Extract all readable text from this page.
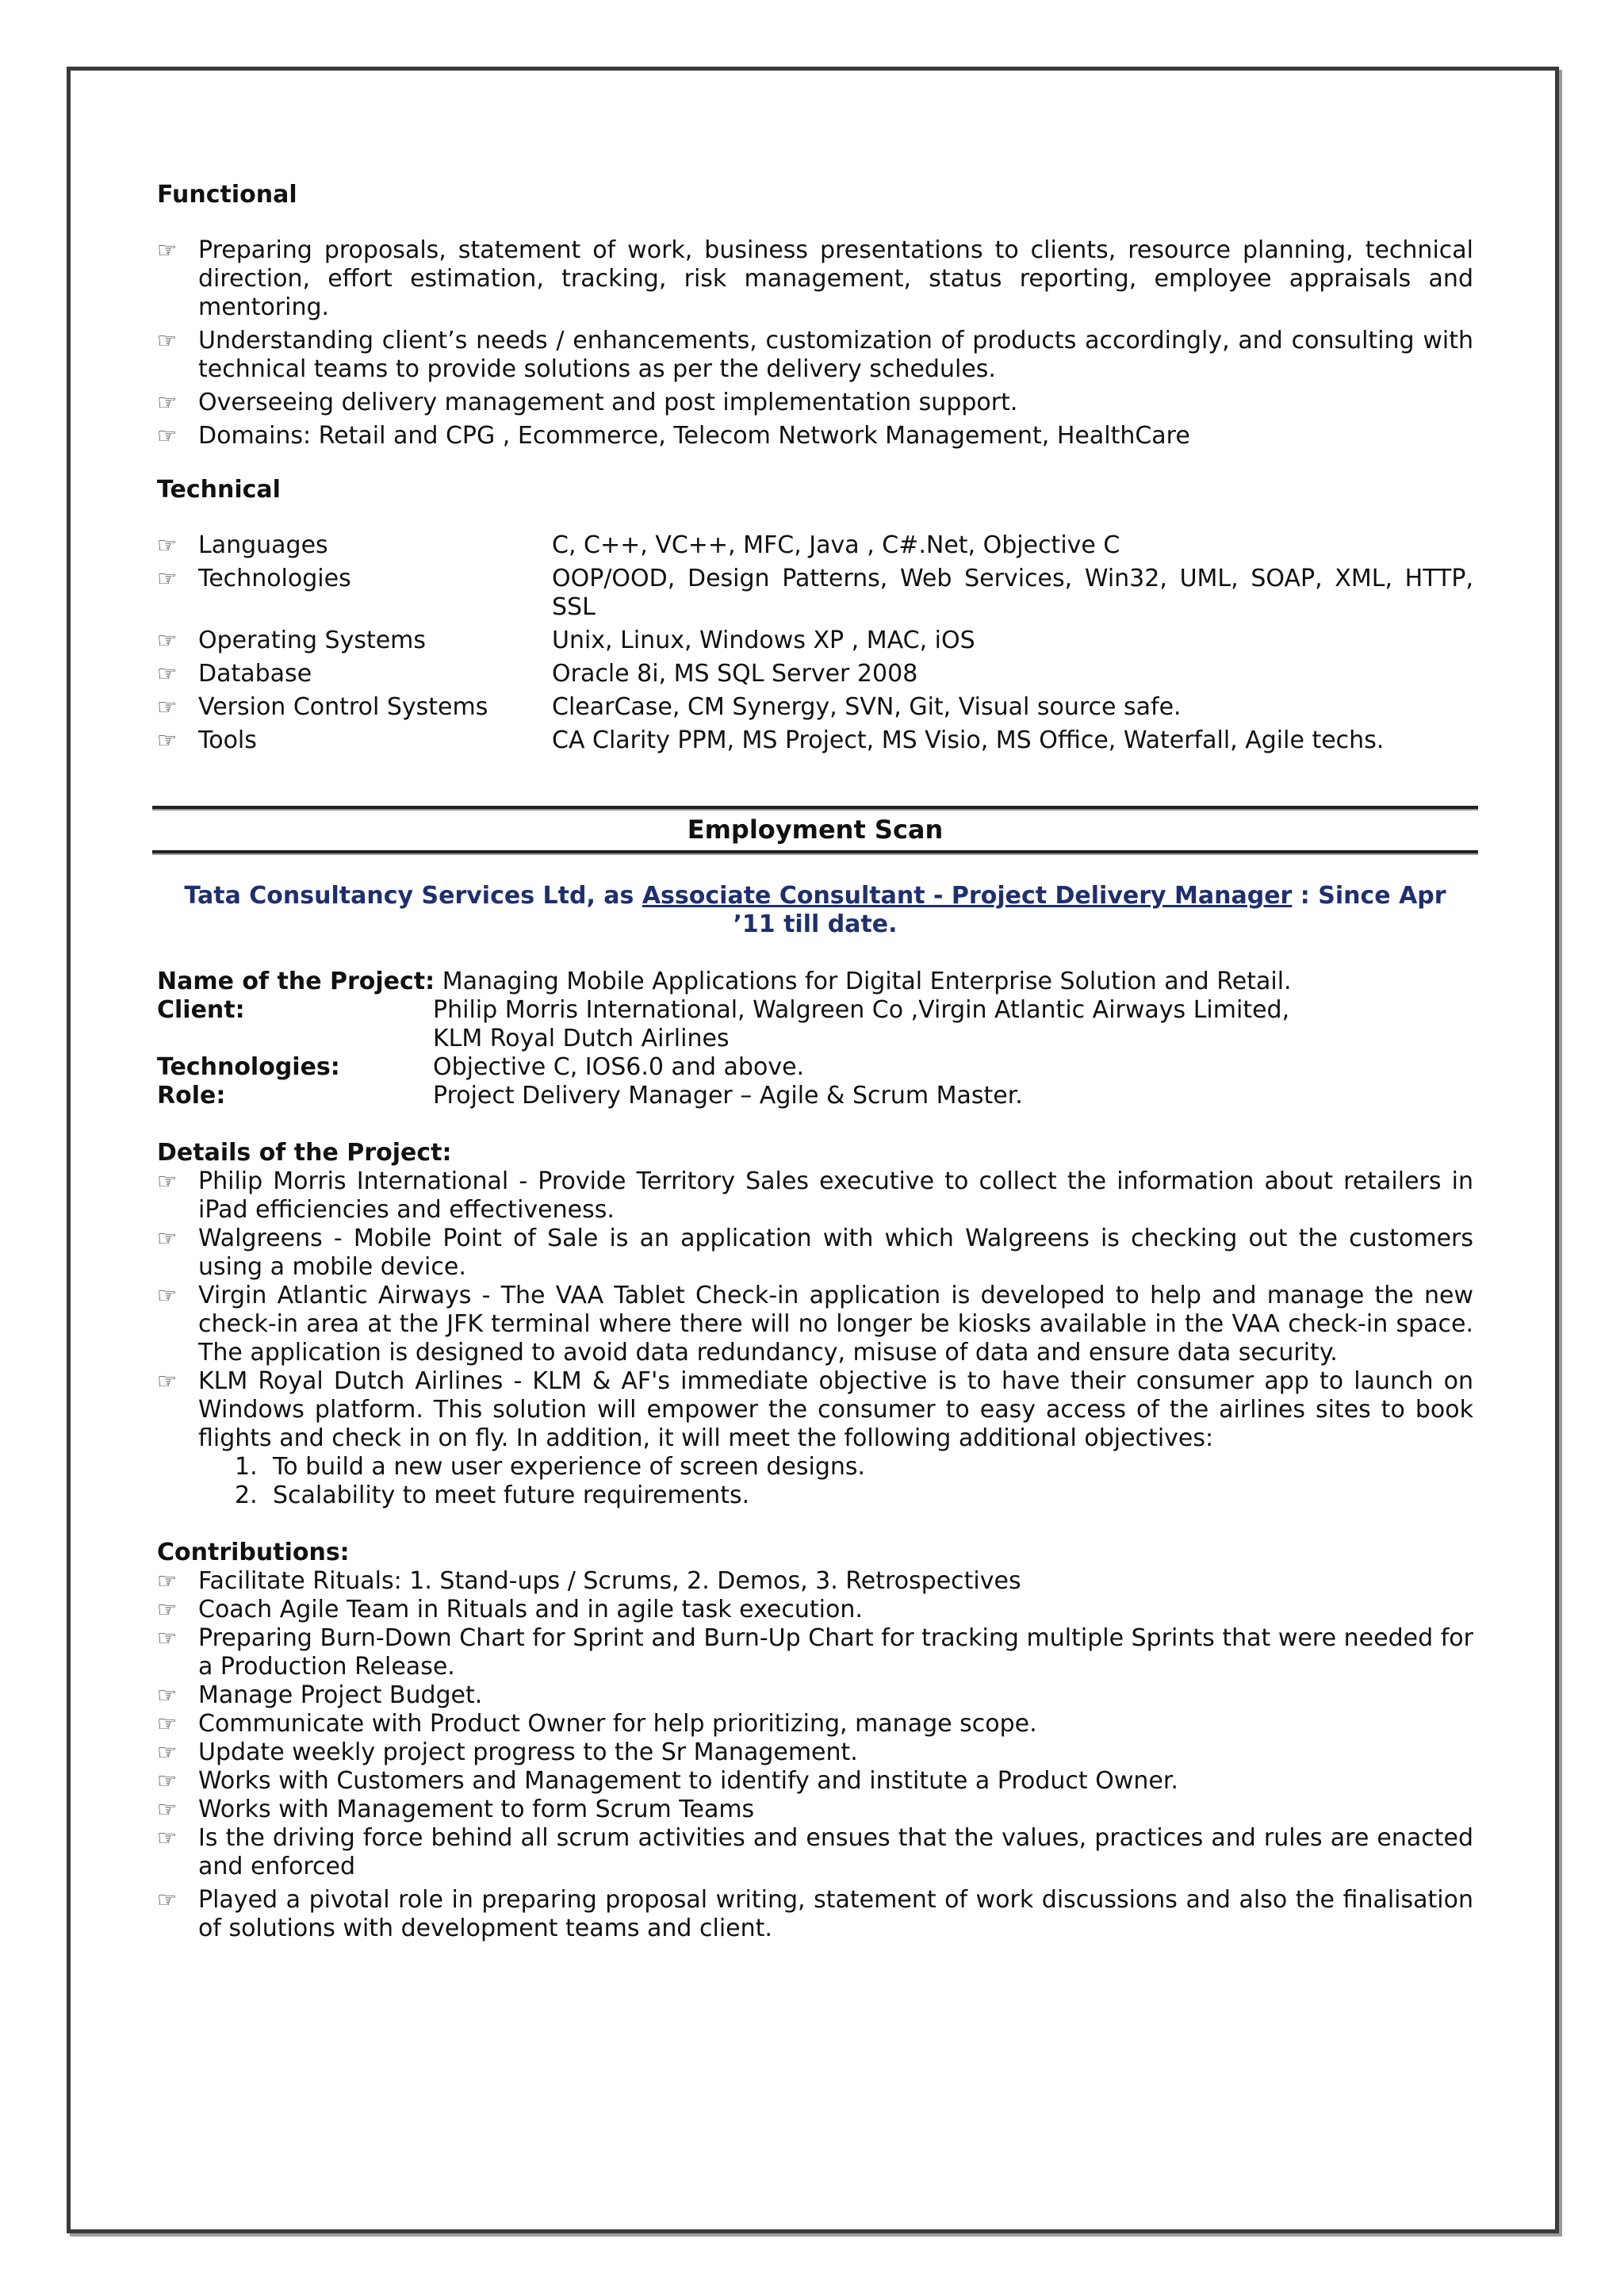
Functional
☞ Preparing proposals, statement of work, business presentations to clients, resource planning, technical direction, effort estimation, tracking, risk management, status reporting, employee appraisals and mentoring.
☞ Understanding client’s needs / enhancements, customization of products accordingly, and consulting with technical teams to provide solutions as per the delivery schedules.
☞ Overseeing delivery management and post implementation support.
☞ Domains: Retail and CPG , Ecommerce, Telecom Network Management, HealthCare
Technical
☞ Languages	C, C++, VC++, MFC, Java , C#.Net, Objective C
☞ Technologies	OOP/OOD, Design Patterns, Web Services, Win32, UML, SOAP, XML, HTTP, SSL
☞ Operating Systems	Unix, Linux, Windows XP , MAC, iOS
☞ Database	Oracle 8i, MS SQL Server 2008
☞ Version Control Systems	ClearCase, CM Synergy, SVN, Git, Visual source safe.
☞ Tools	CA Clarity PPM, MS Project, MS Visio, MS Office, Waterfall, Agile techs.
Employment Scan
Tata Consultancy Services Ltd, as Associate Consultant - Project Delivery Manager : Since Apr ’11 till date.
Name of the Project: Managing Mobile Applications for Digital Enterprise Solution and Retail.
Client:	Philip Morris International, Walgreen Co ,Virgin Atlantic Airways Limited,
KLM Royal Dutch Airlines
Technologies:	Objective C, IOS6.0 and above.
Role:	Project Delivery Manager – Agile & Scrum Master.
Details of the Project:
☞ Philip Morris International - Provide Territory Sales executive to collect the information about retailers in iPad efficiencies and effectiveness.
☞ Walgreens - Mobile Point of Sale is an application with which Walgreens is checking out the customers using a mobile device.
☞ Virgin Atlantic Airways - The VAA Tablet Check-in application is developed to help and manage the new check-in area at the JFK terminal where there will no longer be kiosks available in the VAA check-in space. The application is designed to avoid data redundancy, misuse of data and ensure data security.
☞ KLM Royal Dutch Airlines - KLM & AF's immediate objective is to have their consumer app to launch on Windows platform. This solution will empower the consumer to easy access of the airlines sites to book flights and check in on fly. In addition, it will meet the following additional objectives:
1. To build a new user experience of screen designs.
2. Scalability to meet future requirements.
Contributions:
☞ Facilitate Rituals: 1. Stand-ups / Scrums, 2. Demos, 3. Retrospectives
☞ Coach Agile Team in Rituals and in agile task execution.
☞ Preparing Burn-Down Chart for Sprint and Burn-Up Chart for tracking multiple Sprints that were needed for a Production Release.
☞ Manage Project Budget.
☞ Communicate with Product Owner for help prioritizing, manage scope.
☞ Update weekly project progress to the Sr Management.
☞ Works with Customers and Management to identify and institute a Product Owner.
☞ Works with Management to form Scrum Teams
☞ Is the driving force behind all scrum activities and ensues that the values, practices and rules are enacted and enforced
☞ Played a pivotal role in preparing proposal writing, statement of work discussions and also the finalisation of solutions with development teams and client.
